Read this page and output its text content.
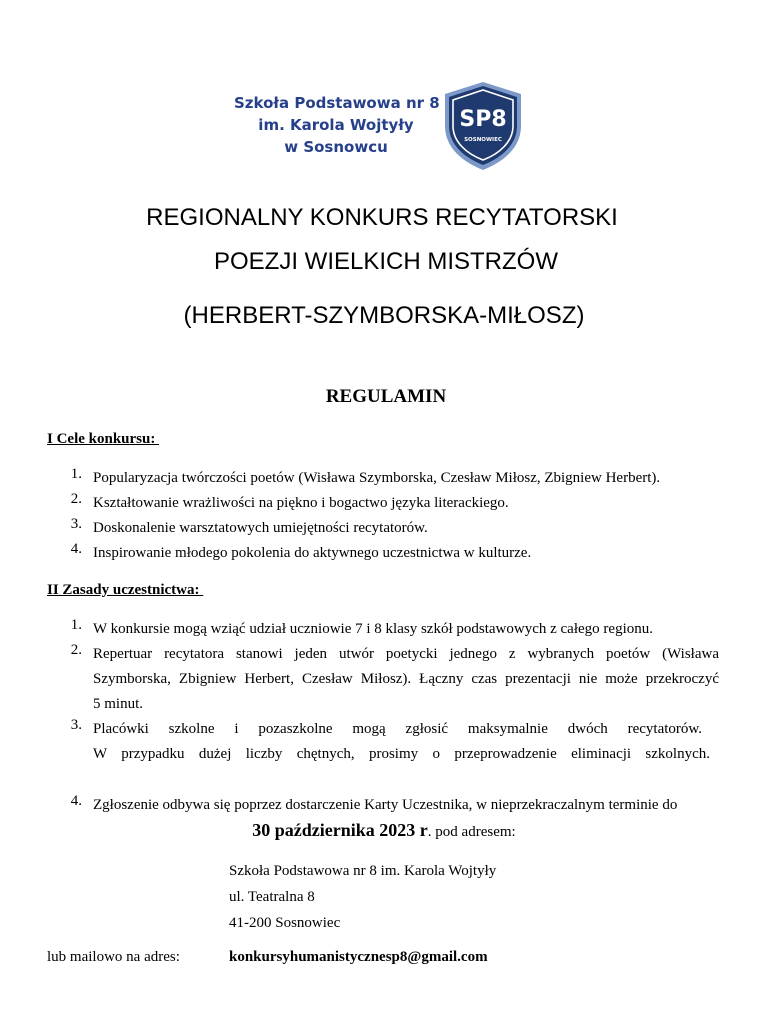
Szkoła Podstawowa nr 8
im. Karola Wojtyły
w Sosnowcu
SP8
SOSNOWIEC
REGIONALNY KONKURS RECYTATORSKI
POEZJI WIELKICH MISTRZÓW
(HERBERT-SZYMBORSKA-MIŁOSZ)
REGULAMIN
I Cele konkursu:
1. Popularyzacja twórczości poetów (Wisława Szymborska, Czesław Miłosz, Zbigniew Herbert).
2. Kształtowanie wrażliwości na piękno i bogactwo języka literackiego.
3. Doskonalenie warsztatowych umiejętności recytatorów.
4. Inspirowanie młodego pokolenia do aktywnego uczestnictwa w kulturze.
II Zasady uczestnictwa:
1. W konkursie mogą wziąć udział uczniowie 7 i 8 klasy szkół podstawowych z całego regionu.
2. Repertuar recytatora stanowi jeden utwór poetycki jednego z wybranych poetów (Wisława
Szymborska, Zbigniew Herbert, Czesław Miłosz). Łączny czas prezentacji nie może przekroczyć
5 minut.
3. Placówki szkolne i pozaszkolne mogą zgłosić maksymalnie dwóch recytatorów.
W przypadku dużej liczby chętnych, prosimy o przeprowadzenie eliminacji szkolnych.
4. Zgłoszenie odbywa się poprzez dostarczenie Karty Uczestnika, w nieprzekraczalnym terminie do
30 października 2023 r. pod adresem:
Szkoła Podstawowa nr 8 im. Karola Wojtyły
ul. Teatralna 8
41-200 Sosnowiec
lub mailowo na adres:	konkursyhumanistycznesp8@gmail.com
